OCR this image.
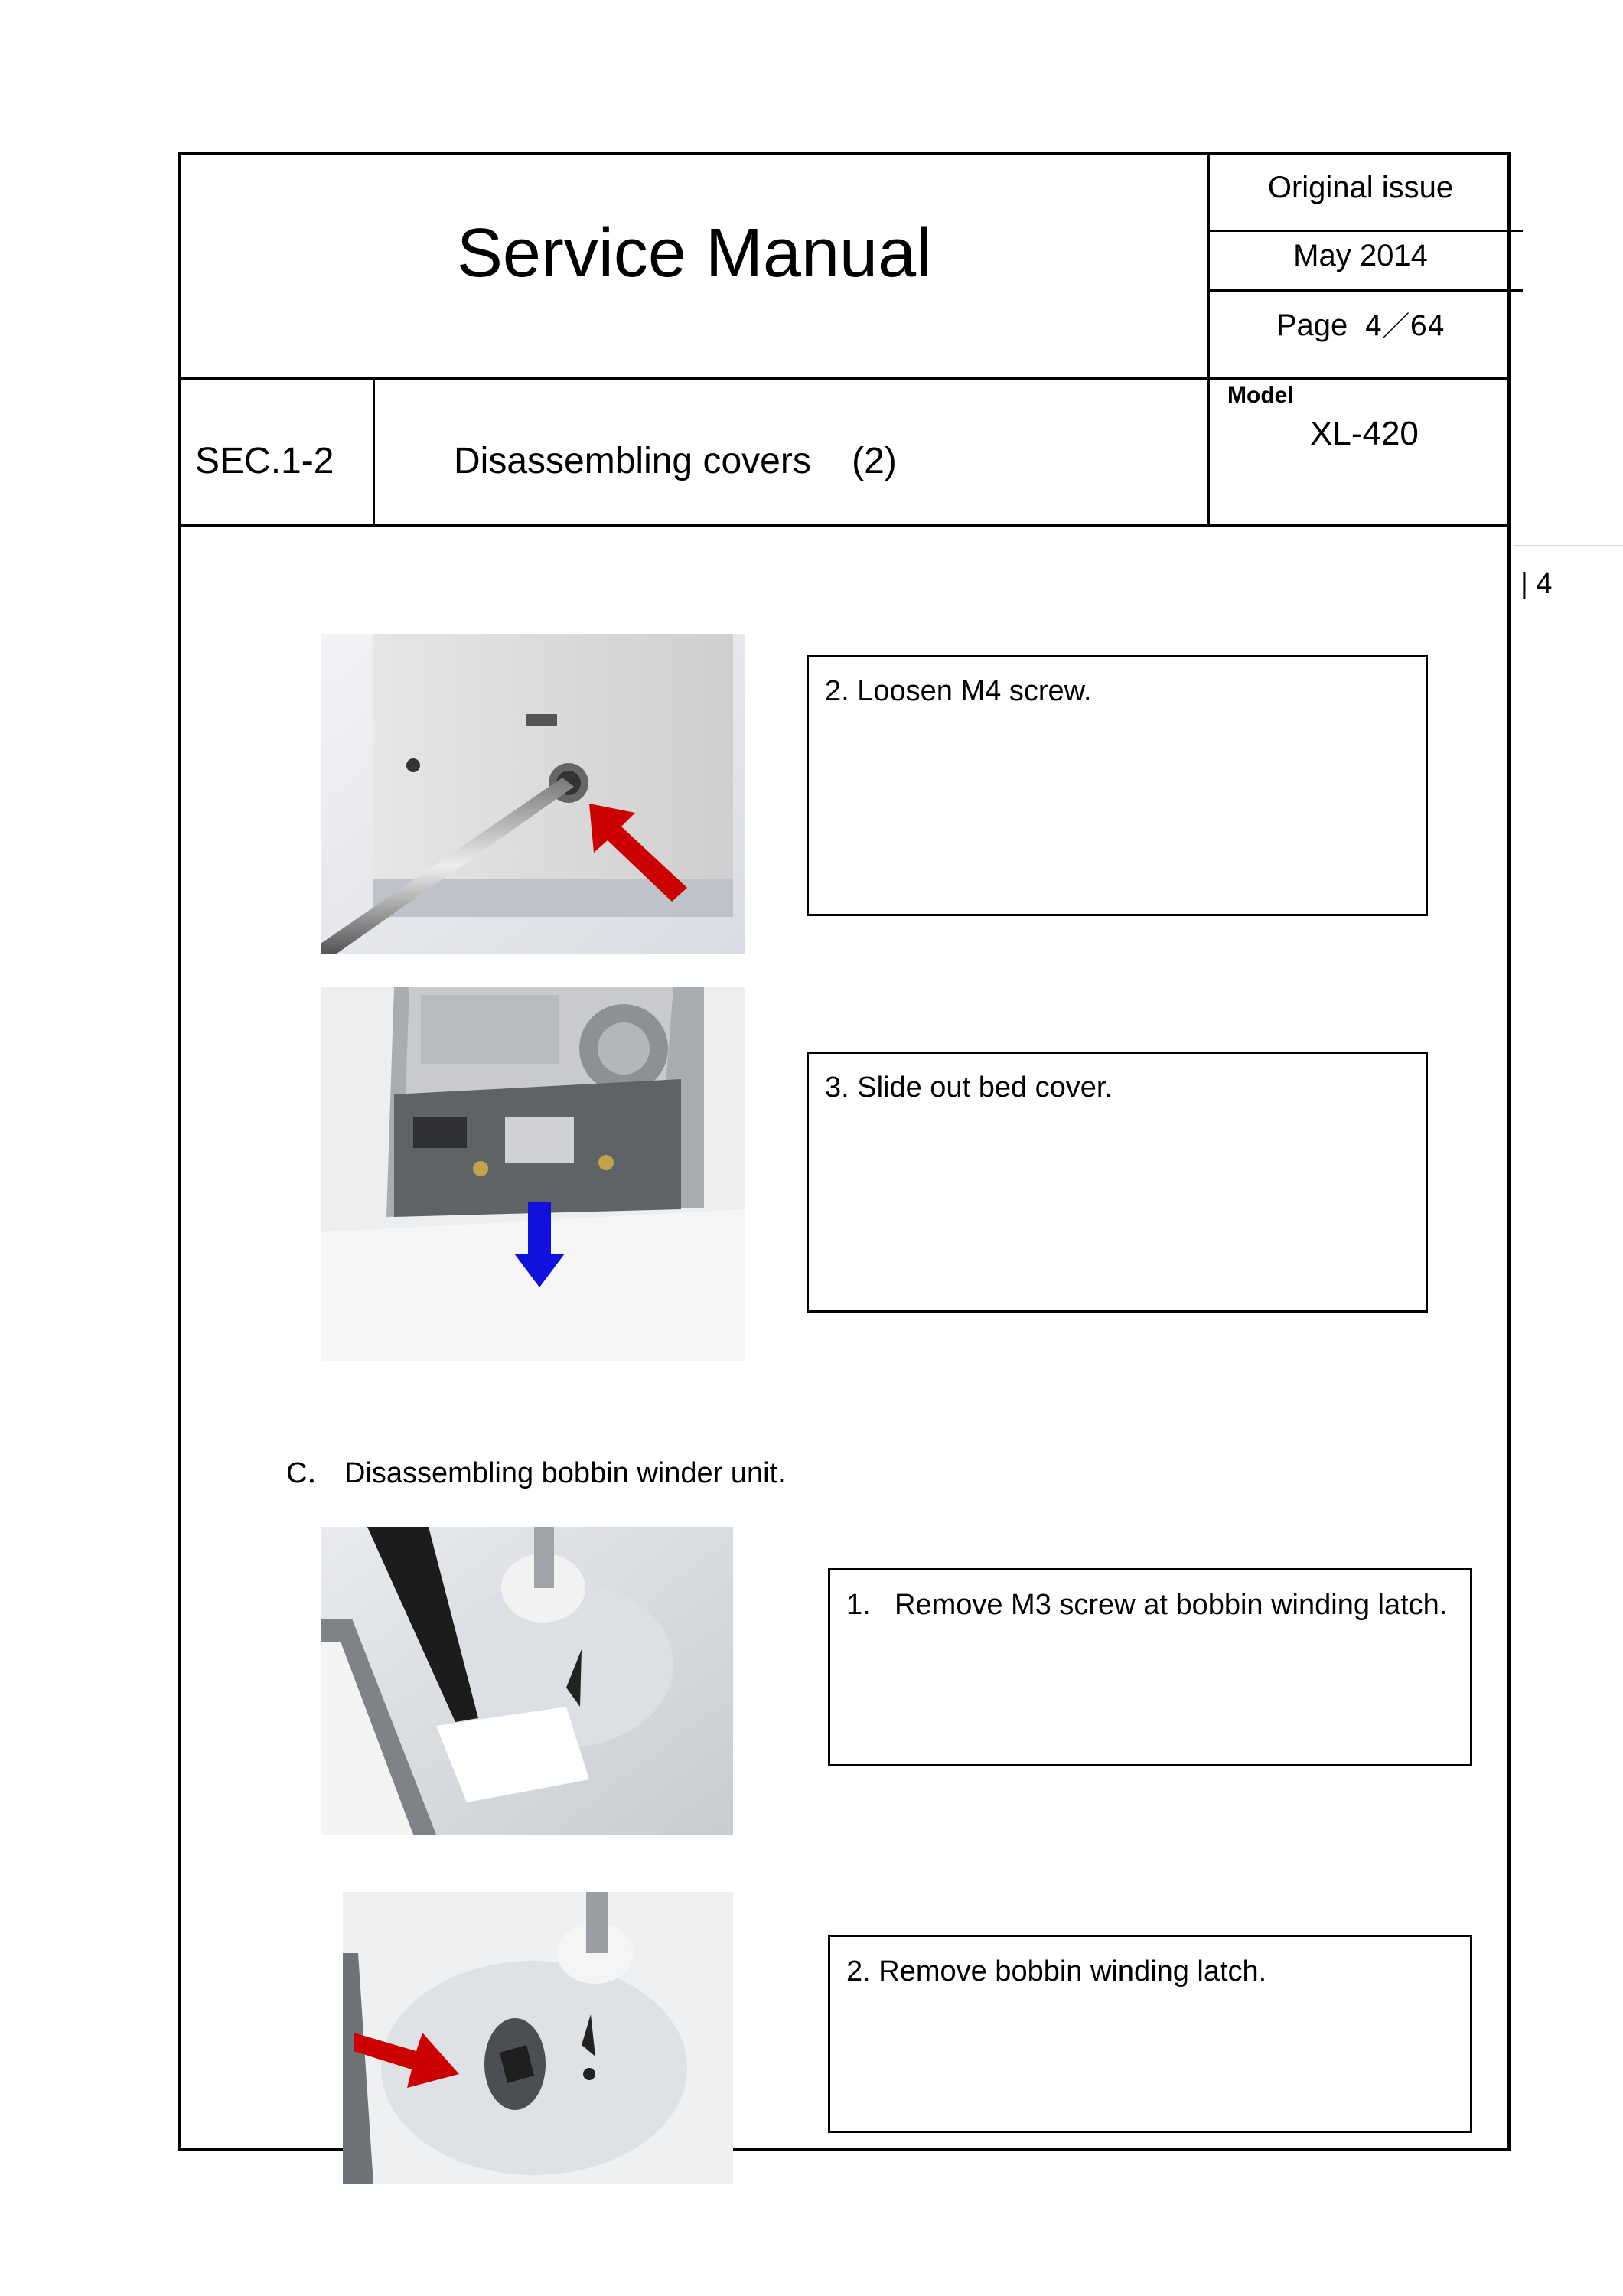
Service Manual
Original issue
May 2014
Page 4／64
SEC.1-2	Disassembling covers (2)
Model
XL-420
| 4
2. Loosen M4 screw.
3. Slide out bed cover.
C． Disassembling bobbin winder unit.
1. Remove M3 screw at bobbin winding latch.
2. Remove bobbin winding latch.
